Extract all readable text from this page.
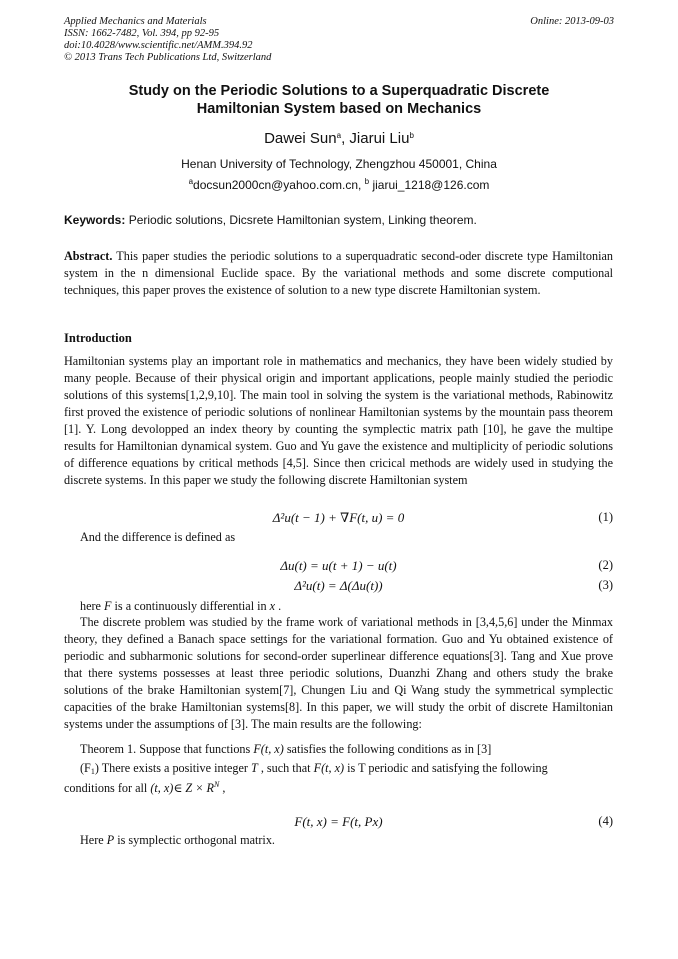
Applied Mechanics and Materials
ISSN: 1662-7482, Vol. 394, pp 92-95
doi:10.4028/www.scientific.net/AMM.394.92
© 2013 Trans Tech Publications Ltd, Switzerland
Online: 2013-09-03
Study on the Periodic Solutions to a Superquadratic Discrete
Hamiltonian System based on Mechanics
Dawei Sun$^a$, Jiarui Liu$^b$
Henan University of Technology, Zhengzhou 450001, China
$^a$docsun2000cn@yahoo.com.cn, $^b$ jiarui_1218@126.com
Keywords: Periodic solutions, Dicsrete Hamiltonian system, Linking theorem.

Abstract. This paper studies the periodic solutions to a superquadratic second-oder discrete type Hamiltonian system in the n dimensional Euclide space. By the variational methods and some discrete computional techniques, this paper proves the existence of solution to a new type discrete Hamiltonian system.

Introduction

Hamiltonian systems play an important role in mathematics and mechanics, they have been widely studied by many people. Because of their physical origin and important applications, people mainly studied the periodic solutions of this systems[1,2,9,10]. The main tool in solving the system is the variational methods, Rabinowitz first proved the existence of periodic solutions of nonlinear Hamiltonian systems by the mountain pass theorem [1]. Y. Long devolopped an index theory by counting the symplectic matrix path [10], he gave the multipe results for Hamiltonian dynamical system. Guo and Yu gave the existence and multiplicity of periodic solutions of difference equations by critical methods [4,5]. Since then cricical methods are widely used in studying the discrete systems. In this paper we study the following discrete Hamiltonian system

Δ²u(t − 1) + ∇F(t, u) = 0	(1)
And the difference is defined as
Δu(t) = u(t + 1) − u(t)	(2)
Δ²u(t) = Δ(Δu(t))	(3)
here F is a continuously differential in x .

The discrete problem was studied by the frame work of variational methods in [3,4,5,6] under the Minmax theory, they defined a Banach space settings for the variational formation. Guo and Yu obtained existence of periodic and subharmonic solutions for second-order superlinear difference equations[3]. Tang and Xue prove that there systems possesses at least three periodic solutions, Duanzhi Zhang and others study the brake solutions of the brake Hamiltonian system[7], Chungen Liu and Qi Wang study the symmetrical symplectic capacities of the brake Hamiltonian systems[8]. In this paper, we will study the orbit of discrete Hamiltonian systems under the assumptions of [3]. The main results are the following:

Theorem 1. Suppose that functions F(t, x) satisfies the following conditions as in [3]

$(F_1)$ There exists a positive integer T , such that F(t, x) is T periodic and satisfying the following

conditions for all (t, x)∈ $Z \times R^N$ ,

F(t, x) = F(t, Px)	(4)
Here P is symplectic orthogonal matrix.
